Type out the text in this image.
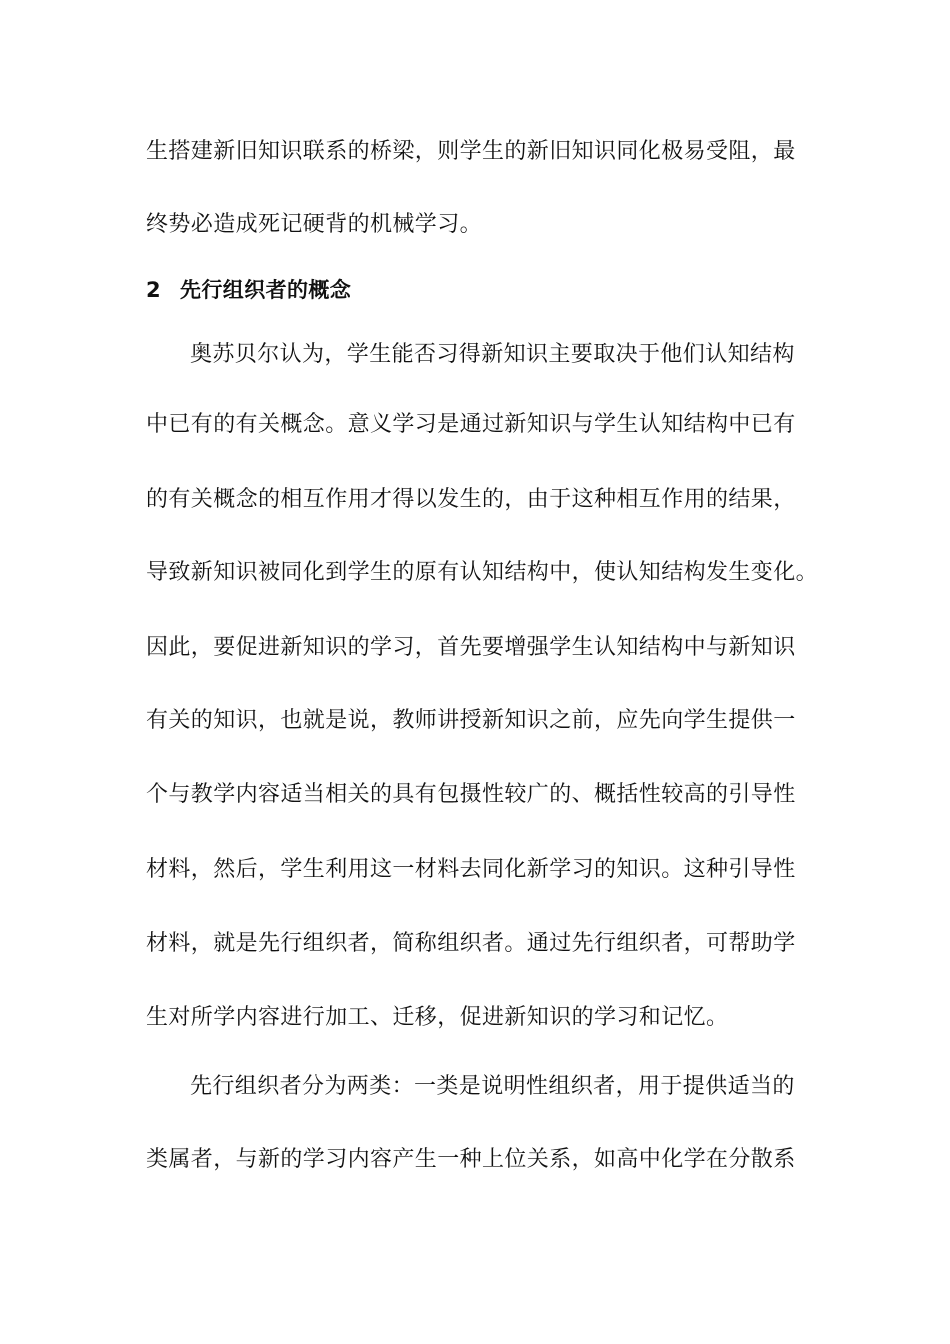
生搭建新旧知识联系的桥梁，则学生的新旧知识同化极易受阻，最
终势必造成死记硬背的机械学习。
2 先行组织者的概念
奥苏贝尔认为，学生能否习得新知识主要取决于他们认知结构
中已有的有关概念。意义学习是通过新知识与学生认知结构中已有
的有关概念的相互作用才得以发生的，由于这种相互作用的结果，
导致新知识被同化到学生的原有认知结构中，使认知结构发生变化。
因此，要促进新知识的学习，首先要增强学生认知结构中与新知识
有关的知识，也就是说，教师讲授新知识之前，应先向学生提供一
个与教学内容适当相关的具有包摄性较广的、概括性较高的引导性
材料，然后，学生利用这一材料去同化新学习的知识。这种引导性
材料，就是先行组织者，简称组织者。通过先行组织者，可帮助学
生对所学内容进行加工、迁移，促进新知识的学习和记忆。
先行组织者分为两类：一类是说明性组织者，用于提供适当的
类属者，与新的学习内容产生一种上位关系，如高中化学在分散系
